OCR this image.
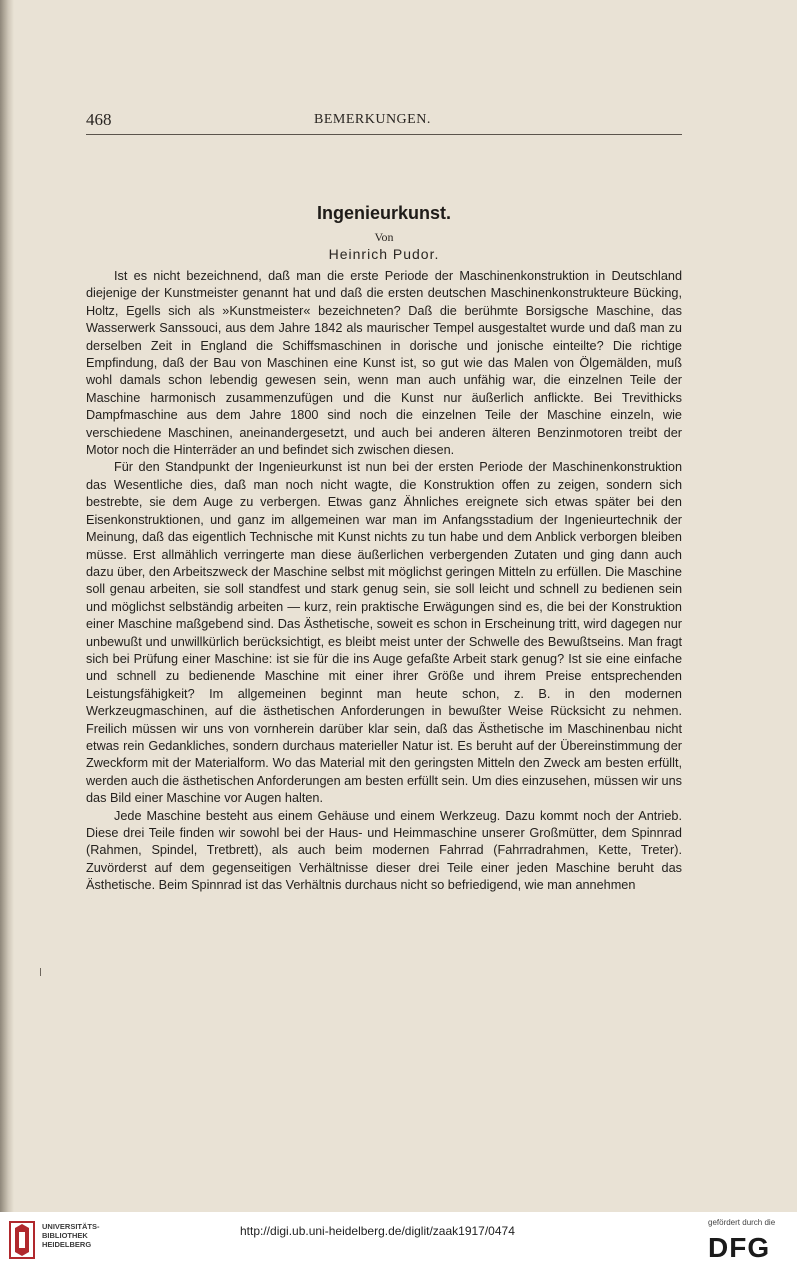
468	BEMERKUNGEN.
Ingenieurkunst.
Von
Heinrich Pudor.

Ist es nicht bezeichnend, daß man die erste Periode der Maschinenkonstruktion in Deutschland diejenige der Kunstmeister genannt hat und daß die ersten deutschen Maschinenkonstrukteure Bücking, Holtz, Egells sich als »Kunstmeister« bezeichneten? Daß die berühmte Borsigsche Maschine, das Wasserwerk Sanssouci, aus dem Jahre 1842 als maurischer Tempel ausgestaltet wurde und daß man zu derselben Zeit in England die Schiffsmaschinen in dorische und jonische einteilte? Die richtige Empfindung, daß der Bau von Maschinen eine Kunst ist, so gut wie das Malen von Ölgemälden, muß wohl damals schon lebendig gewesen sein, wenn man auch unfähig war, die einzelnen Teile der Maschine harmonisch zusammenzufügen und die Kunst nur äußerlich anflickte. Bei Trevithicks Dampfmaschine aus dem Jahre 1800 sind noch die einzelnen Teile der Maschine einzeln, wie verschiedene Maschinen, aneinandergesetzt, und auch bei anderen älteren Benzinmotoren treibt der Motor noch die Hinterräder an und befindet sich zwischen diesen.

Für den Standpunkt der Ingenieurkunst ist nun bei der ersten Periode der Maschinenkonstruktion das Wesentliche dies, daß man noch nicht wagte, die Konstruktion offen zu zeigen, sondern sich bestrebte, sie dem Auge zu verbergen. Etwas ganz Ähnliches ereignete sich etwas später bei den Eisenkonstruktionen, und ganz im allgemeinen war man im Anfangsstadium der Ingenieurtechnik der Meinung, daß das eigentlich Technische mit Kunst nichts zu tun habe und dem Anblick verborgen bleiben müsse. Erst allmählich verringerte man diese äußerlichen verbergenden Zutaten und ging dann auch dazu über, den Arbeitszweck der Maschine selbst mit möglichst geringen Mitteln zu erfüllen. Die Maschine soll genau arbeiten, sie soll standfest und stark genug sein, sie soll leicht und schnell zu bedienen sein und möglichst selbständig arbeiten — kurz, rein praktische Erwägungen sind es, die bei der Konstruktion einer Maschine maßgebend sind. Das Ästhetische, soweit es schon in Erscheinung tritt, wird dagegen nur unbewußt und unwillkürlich berücksichtigt, es bleibt meist unter der Schwelle des Bewußtseins. Man fragt sich bei Prüfung einer Maschine: ist sie für die ins Auge gefaßte Arbeit stark genug? Ist sie eine einfache und schnell zu bedienende Maschine mit einer ihrer Größe und ihrem Preise entsprechenden Leistungsfähigkeit? Im allgemeinen beginnt man heute schon, z. B. in den modernen Werkzeugmaschinen, auf die ästhetischen Anforderungen in bewußter Weise Rücksicht zu nehmen. Freilich müssen wir uns von vornherein darüber klar sein, daß das Ästhetische im Maschinenbau nicht etwas rein Gedankliches, sondern durchaus materieller Natur ist. Es beruht auf der Übereinstimmung der Zweckform mit der Materialform. Wo das Material mit den geringsten Mitteln den Zweck am besten erfüllt, werden auch die ästhetischen Anforderungen am besten erfüllt sein. Um dies einzusehen, müssen wir uns das Bild einer Maschine vor Augen halten.

Jede Maschine besteht aus einem Gehäuse und einem Werkzeug. Dazu kommt noch der Antrieb. Diese drei Teile finden wir sowohl bei der Haus- und Heimmaschine unserer Großmütter, dem Spinnrad (Rahmen, Spindel, Tretbrett), als auch beim modernen Fahrrad (Fahrradrahmen, Kette, Treter). Zuvörderst auf dem gegenseitigen Verhältnisse dieser drei Teile einer jeden Maschine beruht das Ästhetische. Beim Spinnrad ist das Verhältnis durchaus nicht so befriedigend, wie man annehmen

UNIVERSITÄTS-
BIBLIOTHEK
HEIDELBERG
http://digi.ub.uni-heidelberg.de/diglit/zaak1917/0474
gefördert durch die
DFG
